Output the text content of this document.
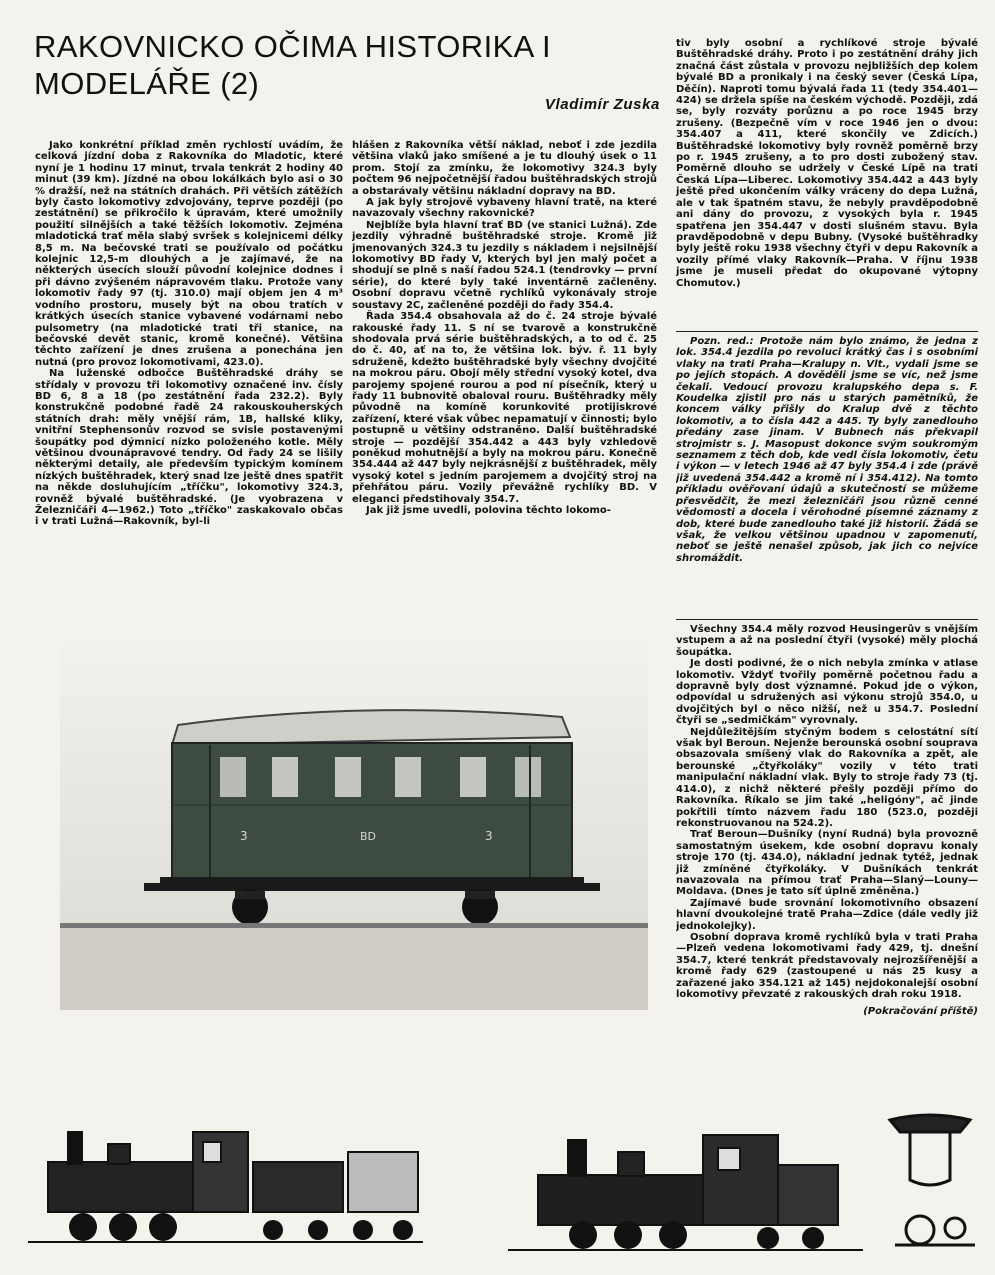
RAKOVNICKO OČIMA HISTORIKA I MODELÁŘE (2)
Vladimír Zuska

Jako konkrétní příklad změn rychlostí uvádím, že celková jízdní doba z Rakovníka do Mladotic, které nyní je 1 hodinu 17 minut, trvala tenkrát 2 hodiny 40 minut (39 km). Jízdné na obou lokálkách bylo asi o 30 % dražší, než na státních drahách. Při větších zátěžích byly často lokomotivy zdvojovány, teprve později (po zestátnění) se přikročilo k úpravám, které umožnily použití silnějších a také těžších lokomotiv. Zejména mladotická trať měla slabý svršek s kolejnicemi délky 8,5 m. Na bečovské trati se používalo od počátku kolejnic 12,5-m dlouhých a je zajímavé, že na některých úsecích slouží původní kolejnice dodnes i při dávno zvýšeném nápravovém tlaku. Protože vany lokomotiv řady 97 (tj. 310.0) mají objem jen 4 m³ vodního prostoru, musely být na obou tratích v krátkých úsecích stanice vybavené vodárnami nebo pulsometry (na mladotické trati tři stanice, na bečovské devět stanic, kromě konečné). Většina těchto zařízení je dnes zrušena a ponechána jen nutná (pro provoz lokomotivami, 423.0).

Na luženské odbočce Buštěhradské dráhy se střídaly v provozu tři lokomotivy označené inv. čísly BD 6, 8 a 18 (po zestátnění řada 232.2). Byly konstrukčně podobné řadě 24 rakouskouherských státních drah: měly vnější rám, 1B, hallské kliky, vnitřní Stephensonův rozvod se svisle postavenými šoupátky pod dýmnicí nízko položeného kotle. Měly většinou dvounápravové tendry. Od řady 24 se lišily některými detaily, ale především typickým komínem nízkých buštěhradek, který snad lze ještě dnes spatřit na někde dosluhujícím „tříčku", lokomotivy 324.3, rovněž bývalé buštěhradské. (Je vyobrazena v Železničáři 4—1962.) Toto „tříčko" zaskakovalo občas i v trati Lužná—Rakovník, byl-li

hlášen z Rakovníka větší náklad, neboť i zde jezdila většina vlaků jako smíšené a je tu dlouhý úsek o 11 prom. Stojí za zmínku, že lokomotivy 324.3 byly počtem 96 nejpočetnější řadou buštěhradských strojů a obstarávaly většinu nákladní dopravy na BD.

A jak byly strojově vybaveny hlavní tratě, na které navazovaly všechny rakovnické?

Nejblíže byla hlavní trať BD (ve stanici Lužná). Zde jezdily výhradně buštěhradské stroje. Kromě již jmenovaných 324.3 tu jezdily s nákladem i nejsilnější lokomotivy BD řady V, kterých byl jen malý počet a shodují se plně s naší řadou 524.1 (tendrovky — první série), do které byly také inventárně začleněny. Osobní dopravu včetně rychlíků vykonávaly stroje soustavy 2C, začleněné později do řady 354.4.

Řada 354.4 obsahovala až do č. 24 stroje bývalé rakouské řady 11. S ní se tvarově a konstrukčně shodovala prvá série buštěhradských, a to od č. 25 do č. 40, ať na to, že většina lok. býv. ř. 11 byly sdruženě, kdežto buštěhradské byly všechny dvojčité na mokrou páru. Obojí měly střední vysoký kotel, dva parojemy spojené rourou a pod ní písečník, který u řady 11 bubnovitě obaloval rouru. Buštěhradky měly původně na komíně korunkovité protijiskrové zařízení, které však vůbec nepamatují v činnosti; bylo postupně u většiny odstraněno. Další buštěhradské stroje — pozdější 354.442 a 443 byly vzhledově poněkud mohutnější a byly na mokrou páru. Konečně 354.444 až 447 byly nejkrásnější z buštěhradek, měly vysoký kotel s jedním parojemem a dvojčitý stroj na přehřátou páru. Vozily převážně rychlíky BD. V eleganci předstihovaly 354.7.

Jak již jsme uvedli, polovina těchto lokomo-

tiv byly osobní a rychlíkové stroje bývalé Buštěhradské dráhy. Proto i po zestátnění dráhy jich značná část zůstala v provozu nejbližších dep kolem bývalé BD a pronikaly i na český sever (Česká Lípa, Děčín). Naproti tomu bývalá řada 11 (tedy 354.401—424) se držela spíše na českém východě. Později, zdá se, byly rozváty porůznu a po roce 1945 brzy zrušeny. (Bezpečně vím v roce 1946 jen o dvou: 354.407 a 411, které skončily ve Zdicích.) Buštěhradské lokomotivy byly rovněž poměrně brzy po r. 1945 zrušeny, a to pro dosti zubožený stav. Poměrně dlouho se udržely v České Lípě na trati Česká Lípa—Liberec. Lokomotivy 354.442 a 443 byly ještě před ukončením války vráceny do depa Lužná, ale v tak špatném stavu, že nebyly pravděpodobně ani dány do provozu, z vysokých byla r. 1945 spatřena jen 354.447 v dosti slušném stavu. Byla pravděpodobně v depu Bubny. (Vysoké buštěhradky byly ještě roku 1938 všechny čtyři v depu Rakovník a vozily přímé vlaky Rakovník—Praha. V říjnu 1938 jsme je museli předat do okupované výtopny Chomutov.)

Pozn. red.: Protože nám bylo známo, že jedna z lok. 354.4 jezdila po revoluci krátký čas i s osobními vlaky na trati Praha—Kralupy n. Vlt., vydali jsme se po jejích stopách. A dověděli jsme se víc, než jsme čekali. Vedoucí provozu kralupského depa s. F. Koudelka zjistil pro nás u starých pamětníků, že koncem války přišly do Kralup dvě z těchto lokomotiv, a to čísla 442 a 445. Ty byly zanedlouho předány zase jinam. V Bubnech nás překvapil strojmistr s. J. Masopust dokonce svým soukromým seznamem z těch dob, kde vedl čísla lokomotiv, četu i výkon — v letech 1946 až 47 byly 354.4 i zde (právě již uvedená 354.442 a kromě ní i 354.412). Na tomto příkladu ověřovaní údajů a skutečností se můžeme přesvědčit, že mezi železničáři jsou různě cenné vědomosti a docela i věrohodné písemné záznamy z dob, které bude zanedlouho také již historií. Žádá se však, že velkou většinou upadnou v zapomenutí, neboť se ještě nenašel způsob, jak jich co nejvíce shromáždit.

Všechny 354.4 měly rozvod Heusingerův s vnějším vstupem a až na poslední čtyři (vysoké) měly plochá šoupátka.

Je dosti podivné, že o nich nebyla zmínka v atlase lokomotiv. Vždyť tvořily poměrně početnou řadu a dopravně byly dost významné. Pokud jde o výkon, odpovídal u sdružených asi výkonu strojů 354.0, u dvojčitých byl o něco nižší, než u 354.7. Poslední čtyři se „sedmičkám" vyrovnaly.

Nejdůležitějším styčným bodem s celostátní sítí však byl Beroun. Nejenže berounská osobní souprava obsazovala smíšený vlak do Rakovníka a zpět, ale berounské „čtyřkoláky" vozily v této trati manipulační nákladní vlak. Byly to stroje řady 73 (tj. 414.0), z nichž některé přešly později přímo do Rakovníka. Říkalo se jim také „heligóny", ač jinde pokřtili tímto názvem řadu 180 (523.0, později rekonstruovanou na 524.2).

Trať Beroun—Dušníky (nyní Rudná) byla provozně samostatným úsekem, kde osobní dopravu konaly stroje 170 (tj. 434.0), nákladní jednak tytéž, jednak již zmíněné čtyřkoláky. V Dušníkách tenkrát navazovala na přímou trať Praha—Slaný—Louny—Moldava. (Dnes je tato síť úplně změněna.)

Zajímavé bude srovnání lokomotivního obsazení hlavní dvoukolejné tratě Praha—Zdice (dále vedly již jednokolejky).

Osobní doprava kromě rychlíků byla v trati Praha—Plzeň vedena lokomotivami řady 429, tj. dnešní 354.7, které tenkrát představovaly nejrozšířenější a kromě řady 629 (zastoupené u nás 25 kusy a zařazené jako 354.121 až 145) nejdokonalejší osobní lokomotivy převzaté z rakouských drah roku 1918.

(Pokračování příště)

3	BD	3
